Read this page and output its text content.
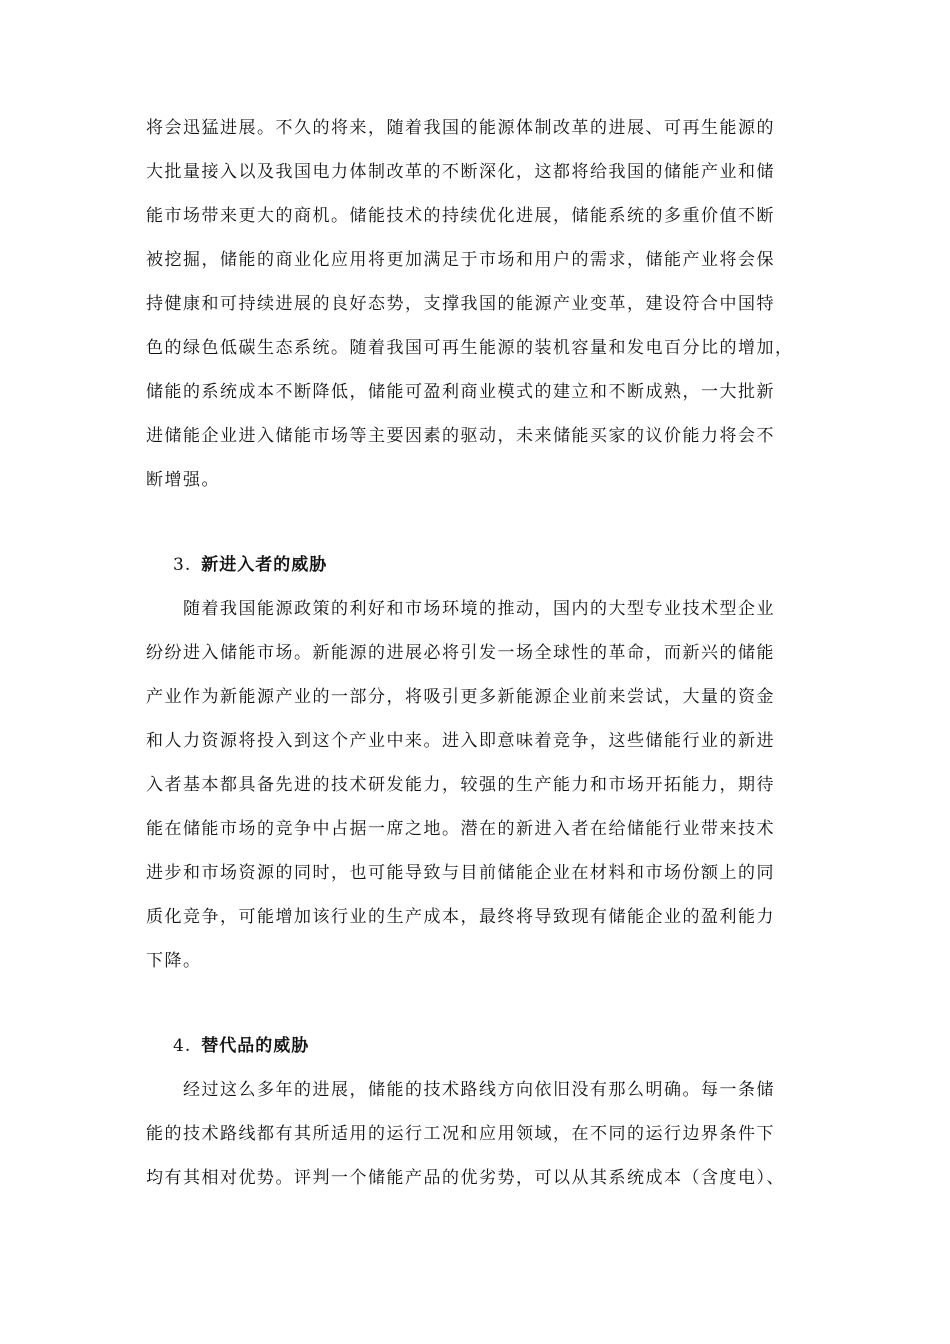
将会迅猛进展。不久的将来，随着我国的能源体制改革的进展、可再生能源的
大批量接入以及我国电力体制改革的不断深化，这都将给我国的储能产业和储
能市场带来更大的商机。储能技术的持续优化进展，储能系统的多重价值不断
被挖掘，储能的商业化应用将更加满足于市场和用户的需求，储能产业将会保
持健康和可持续进展的良好态势，支撑我国的能源产业变革，建设符合中国特
色的绿色低碳生态系统。随着我国可再生能源的装机容量和发电百分比的增加，
储能的系统成本不断降低，储能可盈利商业模式的建立和不断成熟，一大批新
进储能企业进入储能市场等主要因素的驱动，未来储能买家的议价能力将会不
断增强。
3. 新进入者的威胁
　　随着我国能源政策的利好和市场环境的推动，国内的大型专业技术型企业
纷纷进入储能市场。新能源的进展必将引发一场全球性的革命，而新兴的储能
产业作为新能源产业的一部分，将吸引更多新能源企业前来尝试，大量的资金
和人力资源将投入到这个产业中来。进入即意味着竞争，这些储能行业的新进
入者基本都具备先进的技术研发能力，较强的生产能力和市场开拓能力，期待
能在储能市场的竞争中占据一席之地。潜在的新进入者在给储能行业带来技术
进步和市场资源的同时，也可能导致与目前储能企业在材料和市场份额上的同
质化竞争，可能增加该行业的生产成本，最终将导致现有储能企业的盈利能力
下降。
4. 替代品的威胁
　　经过这么多年的进展，储能的技术路线方向依旧没有那么明确。每一条储
能的技术路线都有其所适用的运行工况和应用领域，在不同的运行边界条件下
均有其相对优势。评判一个储能产品的优劣势，可以从其系统成本（含度电）、
